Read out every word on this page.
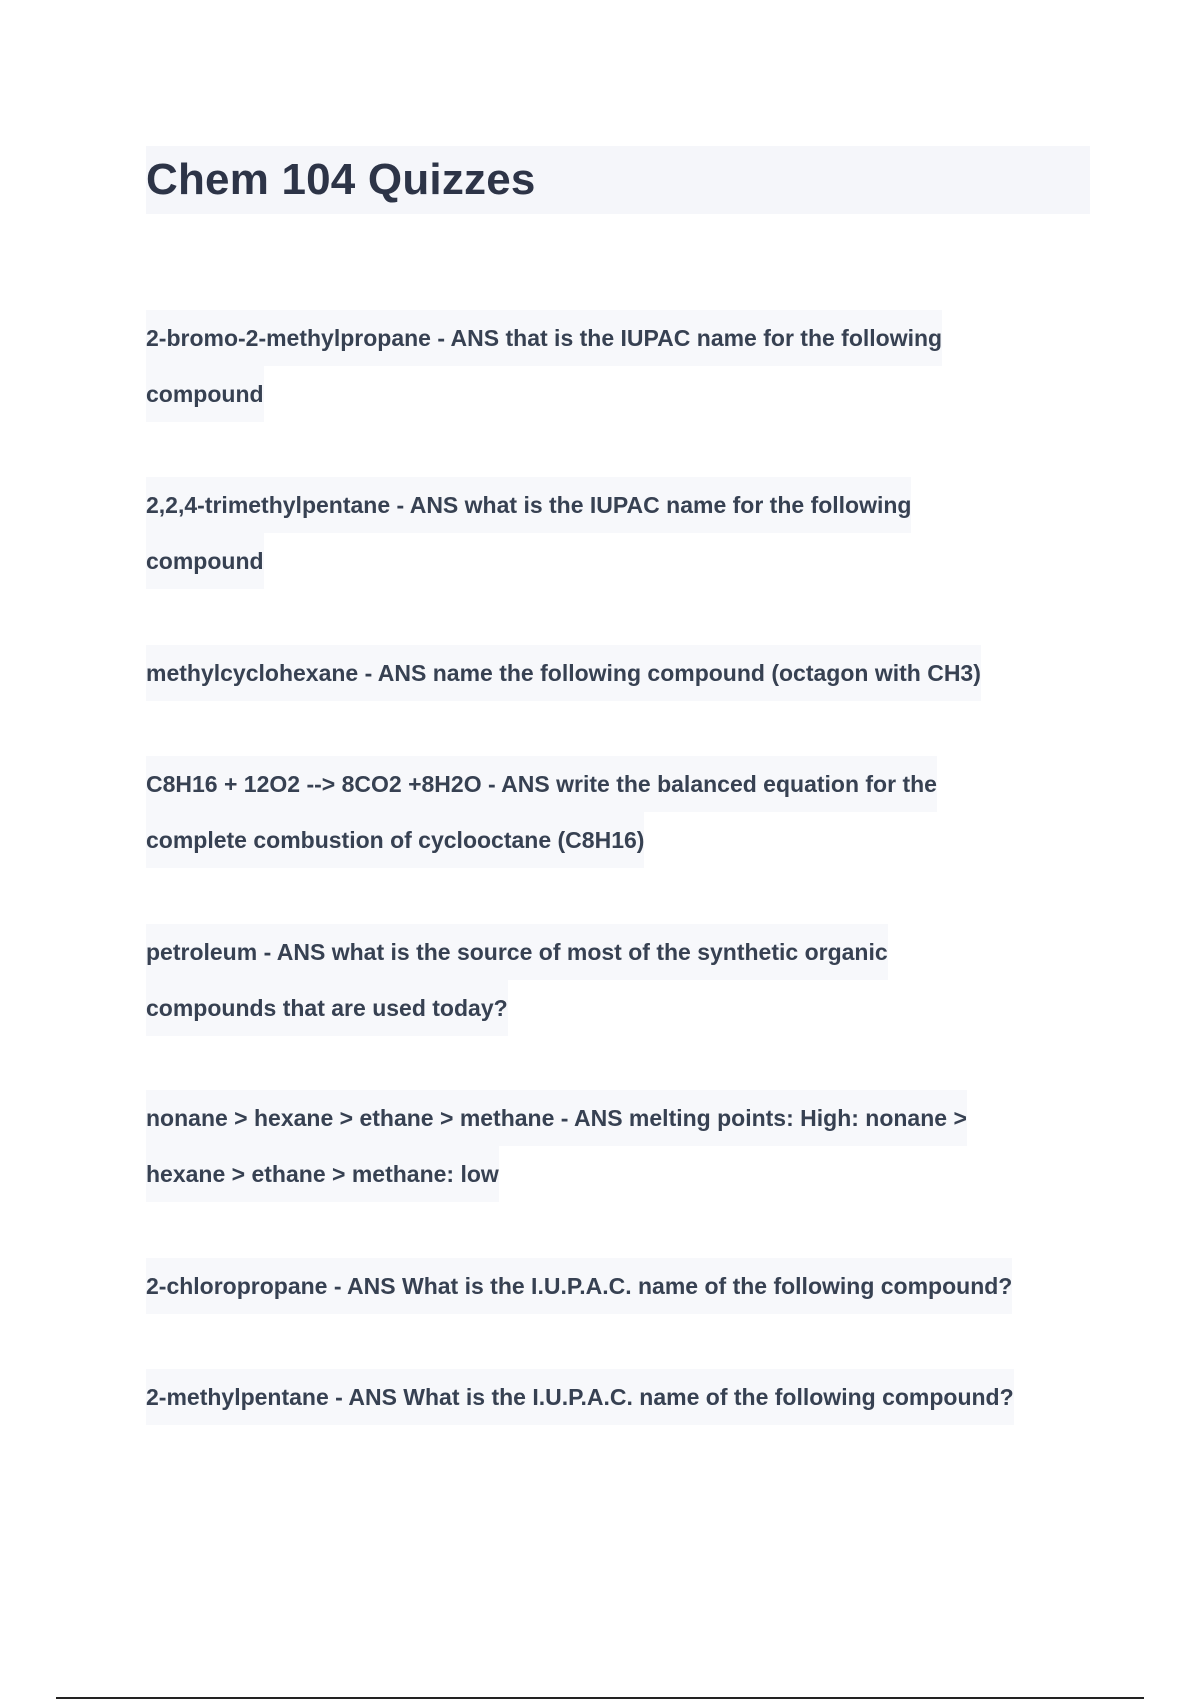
Chem 104 Quizzes
2-bromo-2-methylpropane - ANS that is the IUPAC name for the following
compound
2,2,4-trimethylpentane - ANS what is the IUPAC name for the following
compound
methylcyclohexane - ANS name the following compound (octagon with CH3)
C8H16 + 12O2 --> 8CO2 +8H2O - ANS write the balanced equation for the
complete combustion of cyclooctane (C8H16)
petroleum - ANS what is the source of most of the synthetic organic
compounds that are used today?
nonane > hexane > ethane > methane - ANS melting points: High: nonane >
hexane > ethane > methane: low
2-chloropropane - ANS What is the I.U.P.A.C. name of the following compound?
2-methylpentane - ANS What is the I.U.P.A.C. name of the following compound?
